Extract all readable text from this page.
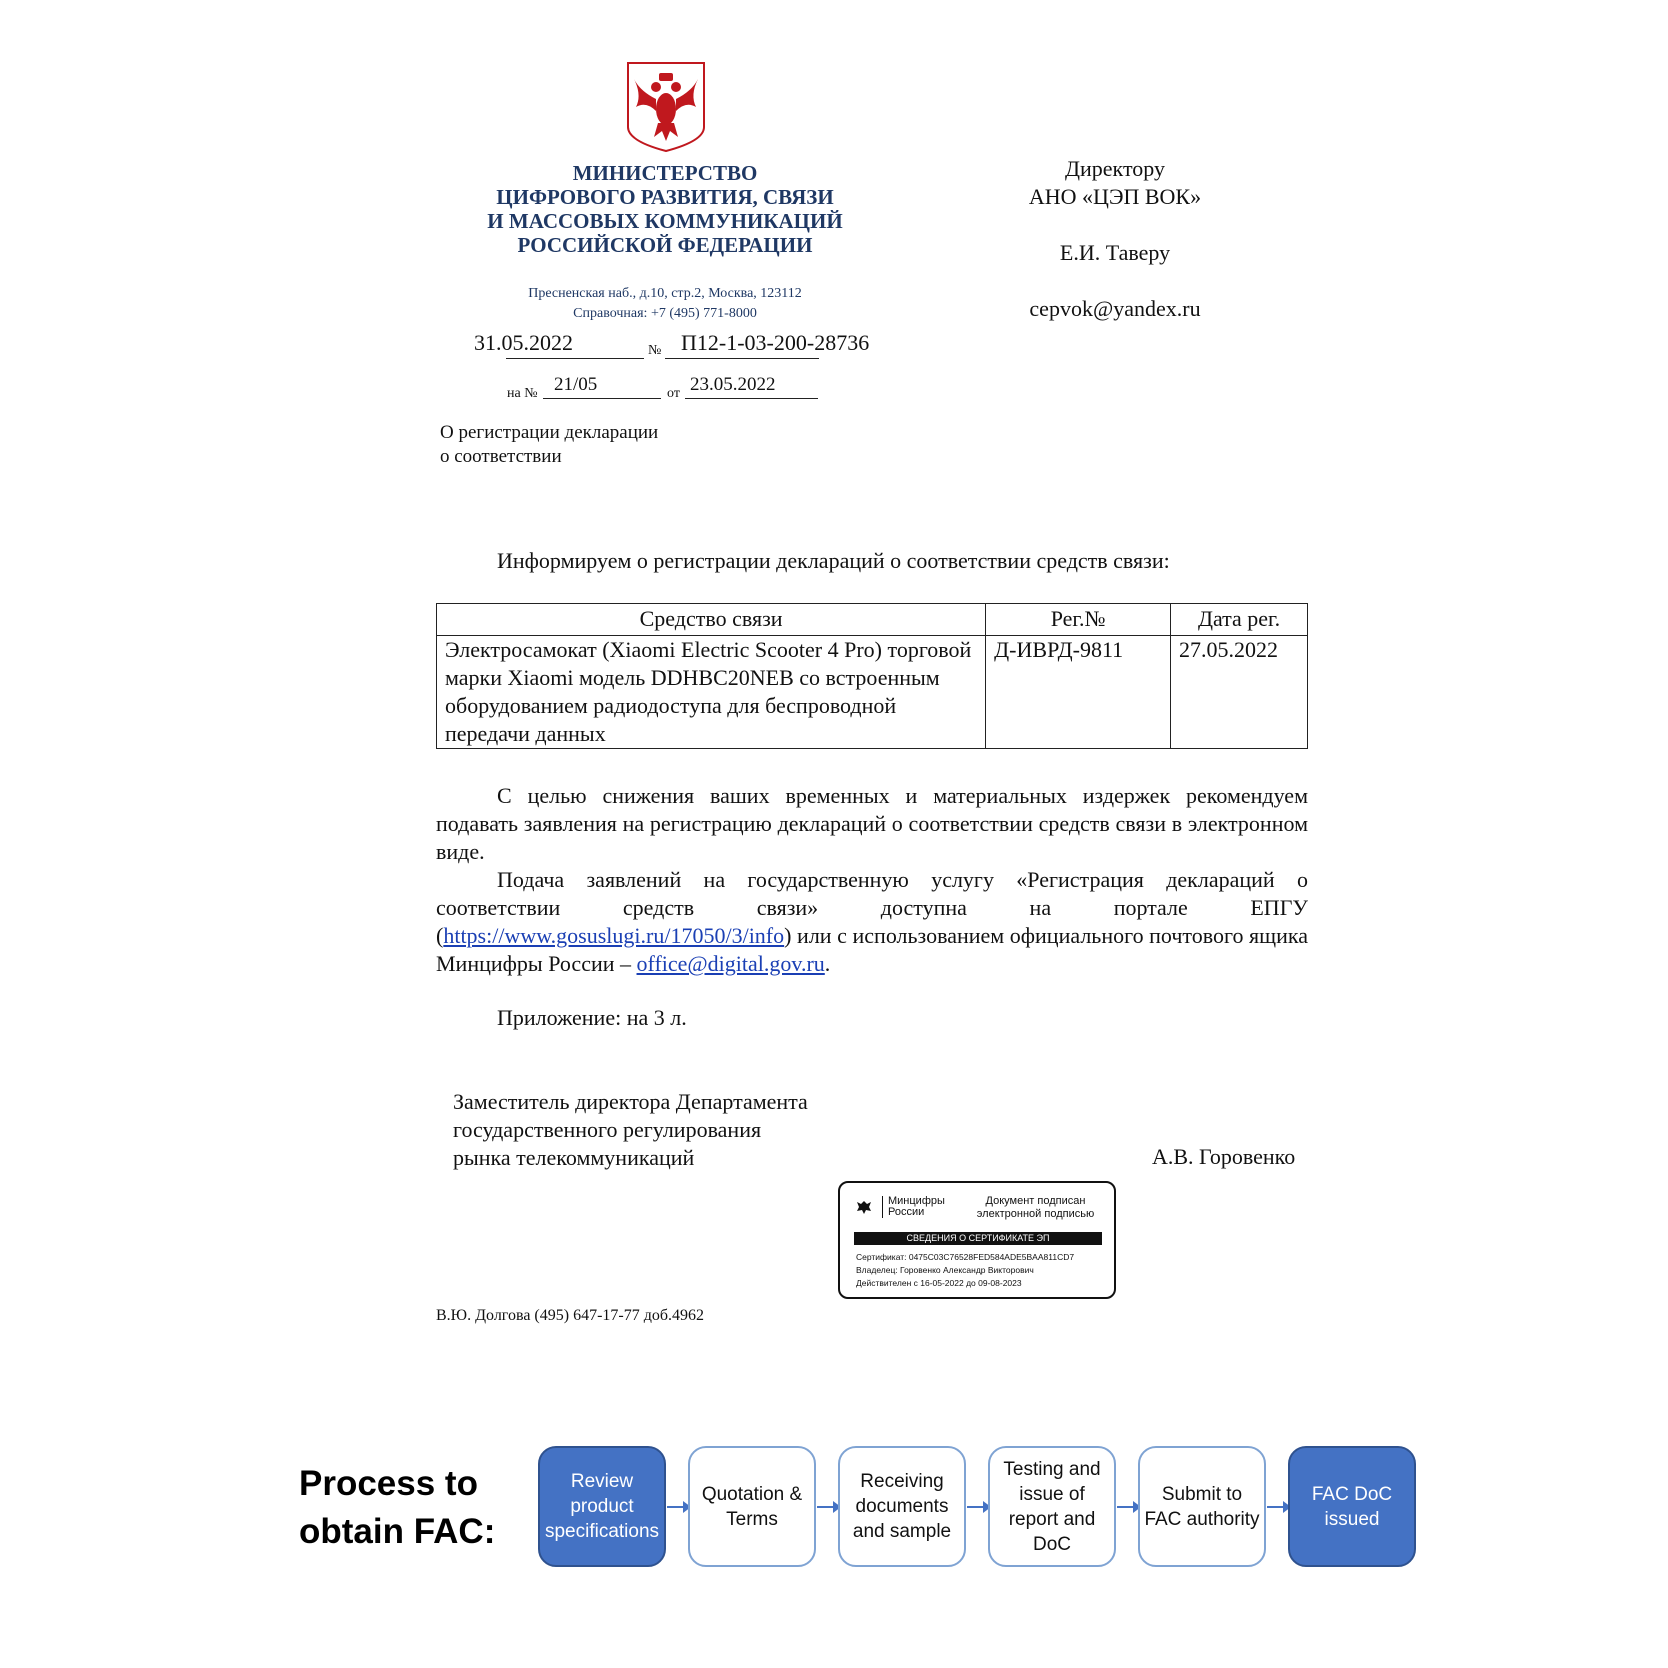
МИНИСТЕРСТВО
ЦИФРОВОГО РАЗВИТИЯ, СВЯЗИ
И МАССОВЫХ КОММУНИКАЦИЙ
РОССИЙСКОЙ ФЕДЕРАЦИИ
Пресненская наб., д.10, стр.2, Москва, 123112
Справочная: +7 (495) 771-8000
31.05.2022	№ П12-1-03-200-28736
на № 21/05	от 23.05.2022
Директору
АНО «ЦЭП ВОК»
Е.И. Таверу
cepvok@yandex.ru
О регистрации декларации
о соответствии
Информируем о регистрации деклараций о соответствии средств связи:
Средство связи	Рег.№	Дата рег.
Электросамокат (Xiaomi Electric Scooter 4 Pro) торговой марки Xiaomi модель DDHBC20NEB со встроенным оборудованием радиодоступа для беспроводной передачи данных	Д-ИВРД-9811	27.05.2022

С целью снижения ваших временных и материальных издержек рекомендуем подавать заявления на регистрацию деклараций о соответствии средств связи в электронном виде.

Подача заявлений на государственную услугу «Регистрация деклараций о соответствии средств связи» доступна на портале ЕПГУ (https://www.gosuslugi.ru/17050/3/info) или с использованием официального почтового ящика Минцифры России – office@digital.gov.ru.

Приложение: на 3 л.
Заместитель директора Департамента
государственного регулирования
рынка телекоммуникаций	А.В. Горовенко
Минцифры
России
Документ подписан
электронной подписью
СВЕДЕНИЯ О СЕРТИФИКАТЕ ЭП
Сертификат: 0475C03C76528FED584ADE5BAA811CD7
Владелец: Горовенко Александр Викторович
Действителен с 16-05-2022 до 09-08-2023
В.Ю. Долгова (495) 647-17-77 доб.4962
Process to
obtain FAC:
Review product specifications
Quotation & Terms
Receiving documents and sample
Testing and issue of report and DoC
Submit to FAC authority
FAC DoC issued
